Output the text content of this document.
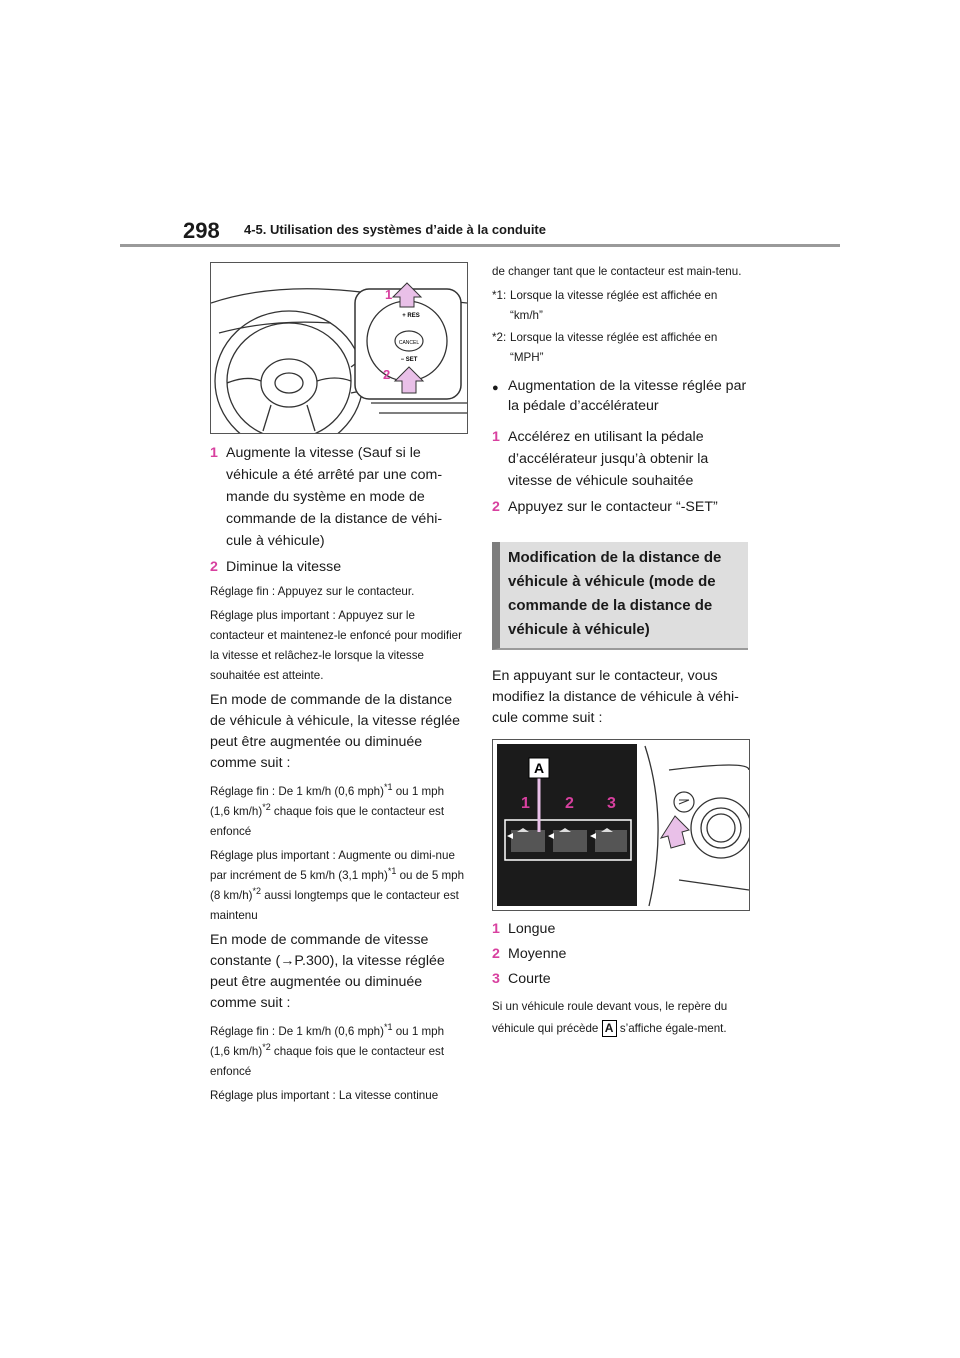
298 4-5. Utilisation des systèmes d’aide à la conduite
CANCEL
+ RES
− SET
1
2
1 Augmente la vitesse (Sauf si le véhicule a été arrêté par une com-mande du système en mode de commande de la distance de véhi-cule à véhicule)
2 Diminue la vitesse

Réglage fin : Appuyez sur le contacteur.

Réglage plus important : Appuyez sur le contacteur et maintenez-le enfoncé pour modifier la vitesse et relâchez-le lorsque la vitesse souhaitée est atteinte.

En mode de commande de la distance de véhicule à véhicule, la vitesse réglée peut être augmentée ou diminuée comme suit :

Réglage fin : De 1 km/h (0,6 mph)$^{*1}$ ou 1 mph (1,6 km/h)$^{*2}$ chaque fois que le contacteur est enfoncé

Réglage plus important : Augmente ou dimi-nue par incrément de 5 km/h (3,1 mph)$^{*1}$ ou de 5 mph (8 km/h)$^{*2}$ aussi longtemps que le contacteur est maintenu

En mode de commande de vitesse constante (→P.300), la vitesse réglée peut être augmentée ou diminuée comme suit :

Réglage fin : De 1 km/h (0,6 mph)$^{*1}$ ou 1 mph (1,6 km/h)$^{*2}$ chaque fois que le contacteur est enfoncé

Réglage plus important : La vitesse continue

de changer tant que le contacteur est main-tenu.

*1: Lorsque la vitesse réglée est affichée en “km/h”
*2: Lorsque la vitesse réglée est affichée en “MPH”
● Augmentation de la vitesse réglée par la pédale d’accélérateur
1 Accélérez en utilisant la pédale d’accélérateur jusqu’à obtenir la vitesse de véhicule souhaitée
2 Appuyez sur le contacteur “-SET”
Modification de la distance de véhicule à véhicule (mode de commande de la distance de véhicule à véhicule)

En appuyant sur le contacteur, vous modifiez la distance de véhicule à véhi-cule comme suit :

A
1 2 3
1 Longue
2 Moyenne
3 Courte

Si un véhicule roule devant vous, le repère du véhicule qui précède A s’affiche égale-ment.
